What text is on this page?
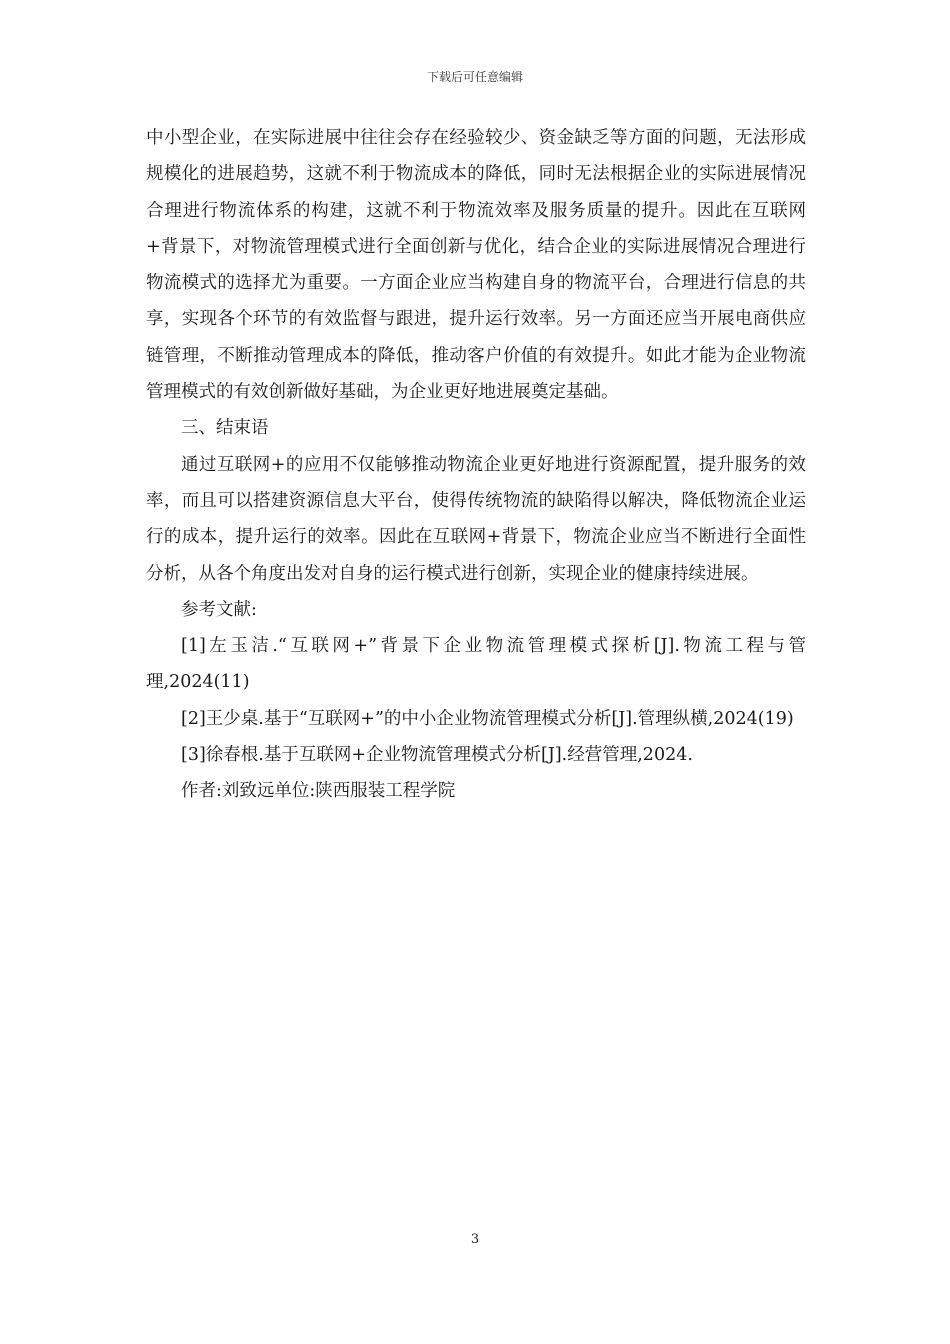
下载后可任意编辑

中小型企业，在实际进展中往往会存在经验较少、资金缺乏等方面的问题，无法形成规模化的进展趋势，这就不利于物流成本的降低，同时无法根据企业的实际进展情况合理进行物流体系的构建，这就不利于物流效率及服务质量的提升。因此在互联网+背景下，对物流管理模式进行全面创新与优化，结合企业的实际进展情况合理进行物流模式的选择尤为重要。一方面企业应当构建自身的物流平台，合理进行信息的共享，实现各个环节的有效监督与跟进，提升运行效率。另一方面还应当开展电商供应链管理，不断推动管理成本的降低，推动客户价值的有效提升。如此才能为企业物流管理模式的有效创新做好基础，为企业更好地进展奠定基础。

三、结束语

通过互联网+的应用不仅能够推动物流企业更好地进行资源配置，提升服务的效率，而且可以搭建资源信息大平台，使得传统物流的缺陷得以解决，降低物流企业运行的成本，提升运行的效率。因此在互联网+背景下，物流企业应当不断进行全面性分析，从各个角度出发对自身的运行模式进行创新，实现企业的健康持续进展。

参考文献:

[1]左玉洁.“互联网+”背景下企业物流管理模式探析[J].物流工程与管理,2024(11)

[2]王少桌.基于“互联网+”的中小企业物流管理模式分析[J].管理纵横,2024(19)

[3]徐春根.基于互联网+企业物流管理模式分析[J].经营管理,2024.

作者:刘致远单位:陕西服装工程学院

3
